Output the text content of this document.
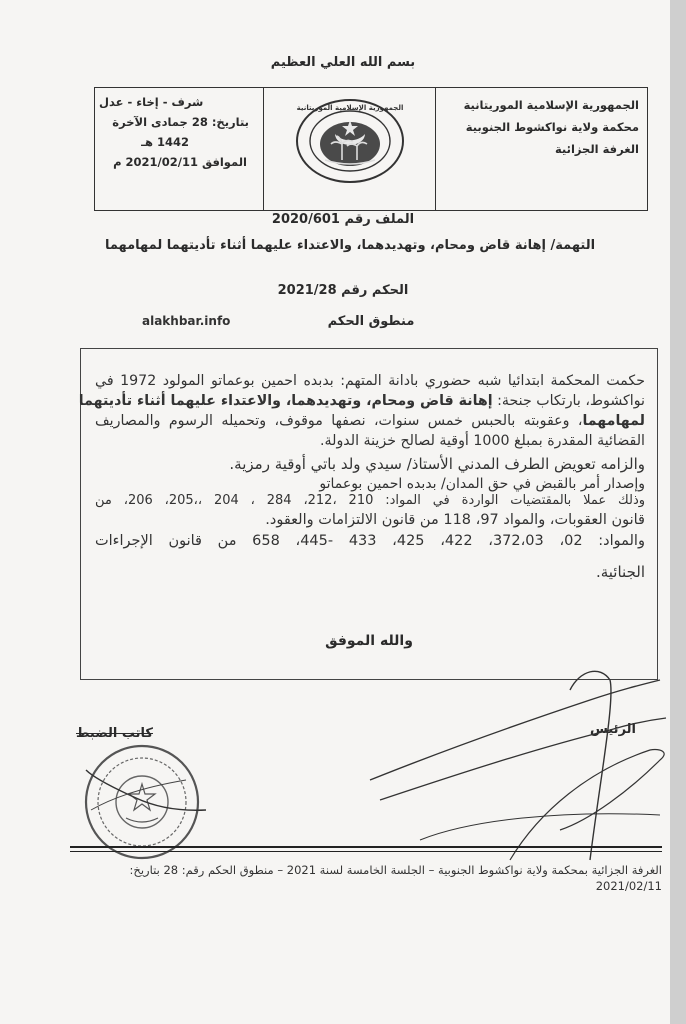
بسم الله العلي العظيم
الجمهورية الإسلامية الموريتانية
محكمة ولاية نواكشوط الجنوبية
الغرفة الجزائية
الجمهورية الإسلامية الموريتانية
شرف - إخاء - عدل
بتاريخ: 28 جمادى الآخرة
1442 هـ
الموافق 2021/02/11 م
الملف رقم 2020/601
التهمة/ إهانة قاض ومحام، وتهديدهما، والاعتداء عليهما أثناء تأديتهما لمهامهما
الحكم رقم 2021/28
alakhbar.info	منطوق الحكم
حكمت المحكمة ابتدائيا شبه حضوري بادانة المتهم: بدبده احمين بوعماتو المولود 1972 في
نواكشوط، بارتكاب جنحة: إهانة قاض ومحام، وتهديدهما، والاعتداء عليهما أثناء تأديتهما
لمهامهما، وعقوبته بالحبس خمس سنوات، نصفها موقوف، وتحميله الرسوم والمصاريف
القضائية المقدرة بمبلغ 1000 أوقية لصالح خزينة الدولة.
والزامه تعويض الطرف المدني الأستاذ/ سيدي ولد باتي أوقية رمزية.
وإصدار أمر بالقبض في حق المدان/ بدبده احمين بوعماتو
وذلك عملا بالمقتضيات الواردة في المواد: 210 ،212، 284 ، 204 ،،205، 206، من
قانون العقوبات، والمواد 97، 118 من قانون الالتزامات والعقود.
والمواد: 02، 372،03، 422، 425، 433 -445، 658 من قانون الإجراءات
الجنائية.
والله الموفق
الرئيس
كاتب الضبط
الغرفة الجزائية بمحكمة ولاية نواكشوط الجنوبية – الجلسة الخامسة لسنة 2021 – منطوق الحكم رقم: 28 بتاريخ: 2021/02/11
